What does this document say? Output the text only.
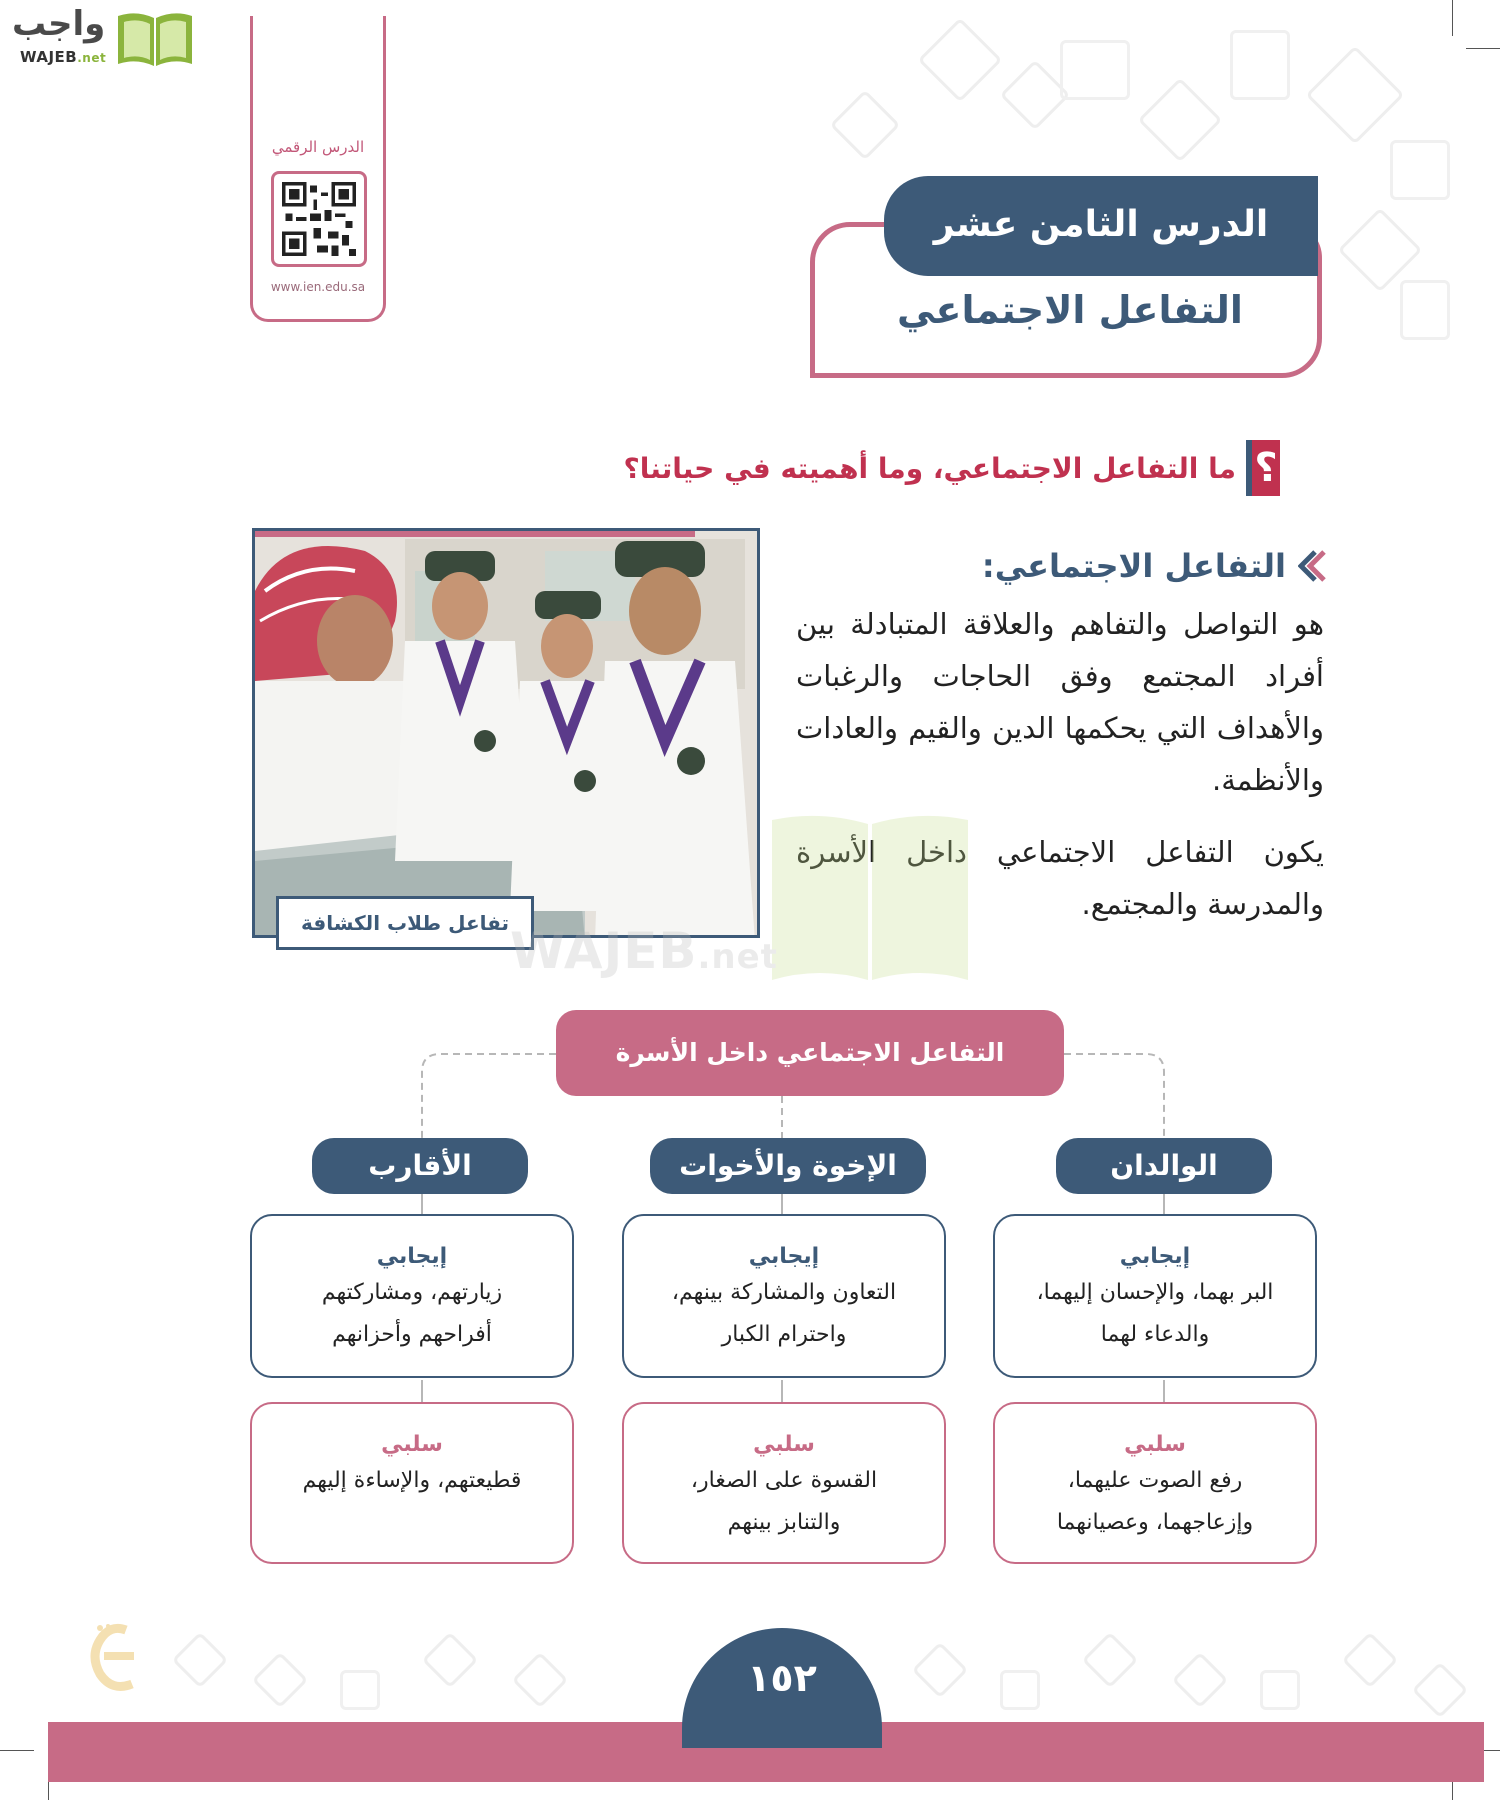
واجب
WAJEB.net
الدرس الرقمي
www.ien.edu.sa
الدرس الثامن عشر
التفاعل الاجتماعي
؟
ما التفاعل الاجتماعي، وما أهميته في حياتنا؟
التفاعل الاجتماعي:
هو التواصل والتفاهم والعلاقة المتبادلة بين أفراد المجتمع وفق الحاجات والرغبات والأهداف التي يحكمها الدين والقيم والعادات والأنظمة.
يكون التفاعل الاجتماعي داخل الأسرة والمدرسة والمجتمع.
تفاعل طلاب الكشافة WAJEB.net
التفاعل الاجتماعي داخل الأسرة
الوالدان
إيجابي
البر بهما، والإحسان إليهما،
والدعاء لهما
سلبي
رفع الصوت عليهما،
وإزعاجهما، وعصيانهما
الإخوة والأخوات
إيجابي
التعاون والمشاركة بينهم،
واحترام الكبار
سلبي
القسوة على الصغار،
والتنابز بينهم
الأقارب
إيجابي
زيارتهم، ومشاركتهم
أفراحهم وأحزانهم
سلبي
قطيعتهم، والإساءة إليهم
١٥٢
